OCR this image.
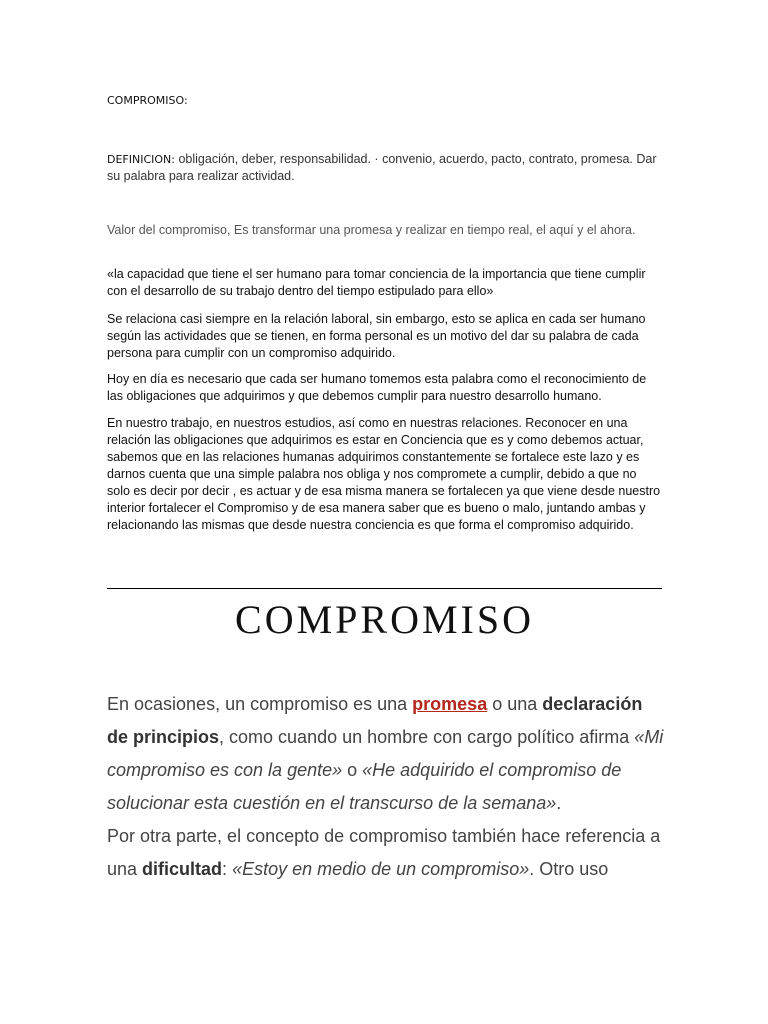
COMPROMISO:
DEFINICION: obligación, deber, responsabilidad. · convenio, acuerdo, pacto, contrato, promesa. Dar su palabra para realizar actividad.

Valor del compromiso, Es transformar una promesa y realizar en tiempo real, el aquí y el ahora.

«la capacidad que tiene el ser humano para tomar conciencia de la importancia que tiene cumplir con el desarrollo de su trabajo dentro del tiempo estipulado para ello»

Se relaciona casi siempre en la relación laboral, sin embargo, esto se aplica en cada ser humano según las actividades que se tienen, en forma personal es un motivo del dar su palabra de cada persona para cumplir con un compromiso adquirido.

Hoy en día es necesario que cada ser humano tomemos esta palabra como el reconocimiento de las obligaciones que adquirimos y que debemos cumplir para nuestro desarrollo humano.

En nuestro trabajo, en nuestros estudios, así como en nuestras relaciones. Reconocer en una relación las obligaciones que adquirimos es estar en Conciencia que es y como debemos actuar, sabemos que en las relaciones humanas adquirimos constantemente se fortalece este lazo y es darnos cuenta que una simple palabra nos obliga y nos compromete a cumplir, debido a que no solo es decir por decir , es actuar y de esa misma manera se fortalecen ya que viene desde nuestro interior fortalecer el Compromiso y de esa manera saber que es bueno o malo, juntando ambas y relacionando las mismas que desde nuestra conciencia es que forma el compromiso adquirido.

COMPROMISO

En ocasiones, un compromiso es una promesa o una declaración de principios, como cuando un hombre con cargo político afirma «Mi compromiso es con la gente» o «He adquirido el compromiso de solucionar esta cuestión en el transcurso de la semana».
Por otra parte, el concepto de compromiso también hace referencia a una dificultad: «Estoy en medio de un compromiso». Otro uso
